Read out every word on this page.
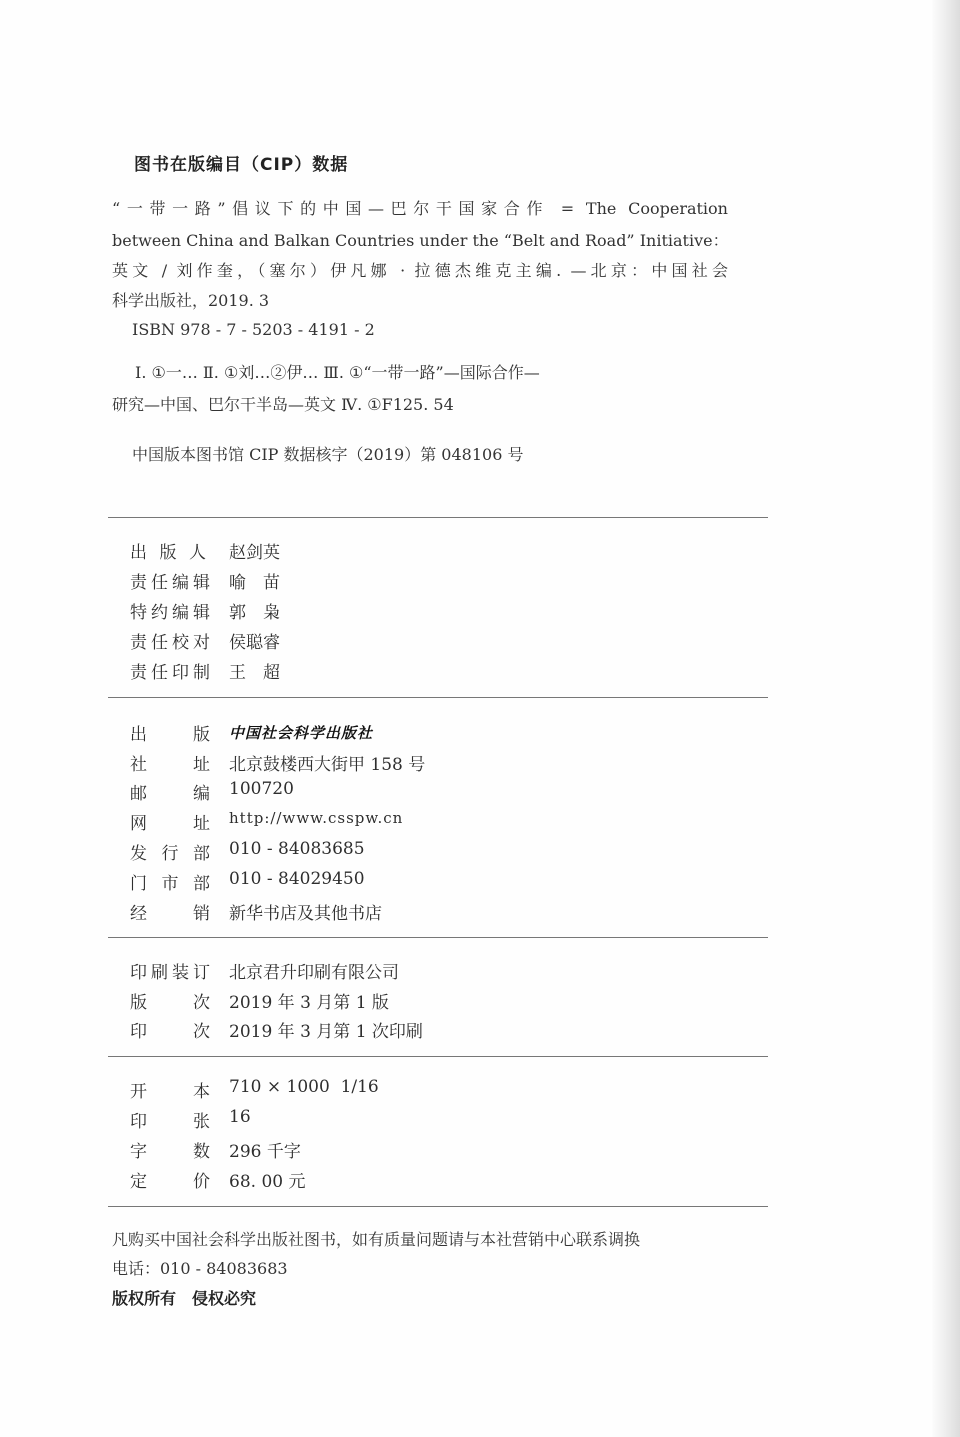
图书在版编目（CIP）数据
“一带一路”倡议下的中国—巴尔干国家合作 = The Cooperation
between China and Balkan Countries under the “Belt and Road” Initiative：
英文 / 刘作奎，（塞尔）伊凡娜 · 拉德杰维克主编. —北京：中国社会
科学出版社，2019. 3
ISBN 978 - 7 - 5203 - 4191 - 2
Ⅰ. ①一… Ⅱ. ①刘…②伊… Ⅲ. ①“一带一路”—国际合作—
研究—中国、巴尔干半岛—英文 Ⅳ. ①F125. 54
中国版本图书馆 CIP 数据核字（2019）第 048106 号
出版人 赵剑英
责任编辑 喻　苗
特约编辑 郭　枭
责任校对 侯聪睿
责任印制 王　超
出版 中国社会科学出版社
社址 北京鼓楼西大街甲 158 号
邮编 100720
网址 http://www.csspw.cn
发行部 010 - 84083685
门市部 010 - 84029450
经销 新华书店及其他书店
印刷装订 北京君升印刷有限公司
版次 2019 年 3 月第 1 版
印次 2019 年 3 月第 1 次印刷
开本 710 × 1000  1/16
印张 16
字数 296 千字
定价 68. 00 元
凡购买中国社会科学出版社图书，如有质量问题请与本社营销中心联系调换
电话：010 - 84083683
版权所有　侵权必究
